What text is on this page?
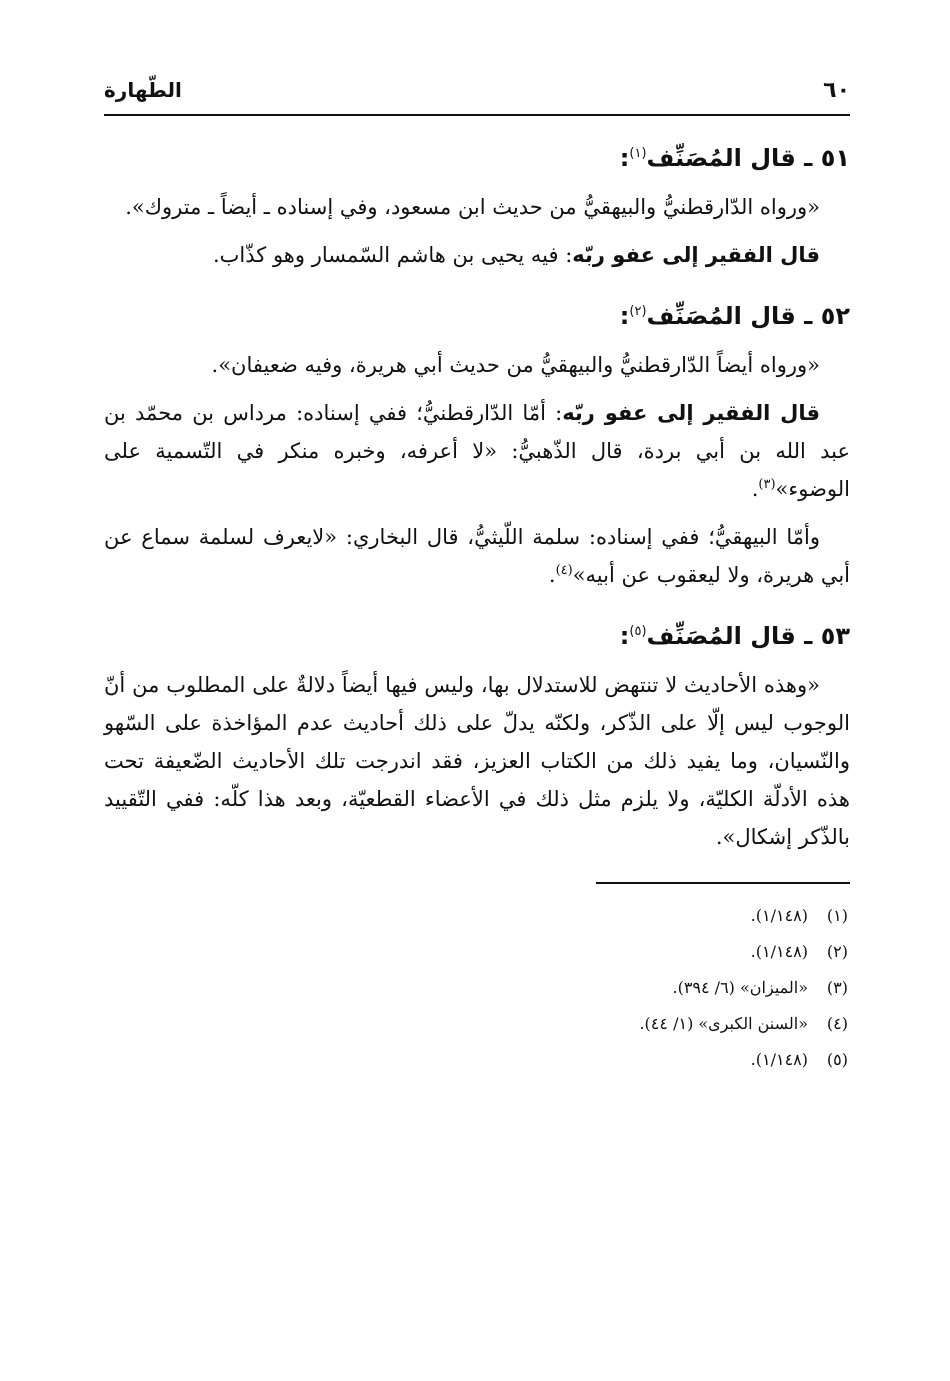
٦٠
الطّهارة
٥١ ـ قال المُصَنِّف$^{(١)}$:

«ورواه الدّارقطنيُّ والبيهقيُّ من حديث ابن مسعود، وفي إسناده ـ أيضاً ـ متروك».

قال الفقير إلى عفو ربّه: فيه يحيى بن هاشم السّمسار وهو كذّاب.

٥٢ ـ قال المُصَنِّف$^{(٢)}$:

«ورواه أيضاً الدّارقطنيُّ والبيهقيُّ من حديث أبي هريرة، وفيه ضعيفان».

قال الفقير إلى عفو ربّه: أمّا الدّارقطنيُّ؛ ففي إسناده: مرداس بن محمّد بن عبد الله بن أبي بردة، قال الذّهبيُّ: «لا أعرفه، وخبره منكر في التّسمية على الوضوء»$^{(٣)}$.

وأمّا البيهقيُّ؛ ففي إسناده: سلمة اللّيثيُّ، قال البخاري: «لايعرف لسلمة سماع عن أبي هريرة، ولا ليعقوب عن أبيه»$^{(٤)}$.

٥٣ ـ قال المُصَنِّف$^{(٥)}$:

«وهذه الأحاديث لا تنتهض للاستدلال بها، وليس فيها أيضاً دلالةٌ على المطلوب من أنّ الوجوب ليس إلّا على الذّكر، ولكنّه يدلّ على ذلك أحاديث عدم المؤاخذة على السّهو والنّسيان، وما يفيد ذلك من الكتاب العزيز، فقد اندرجت تلك الأحاديث الضّعيفة تحت هذه الأدلّة الكليّة، ولا يلزم مثل ذلك في الأعضاء القطعيّة، وبعد هذا كلّه: ففي التّقييد بالذّكر إشكال».

(١)(١/١٤٨).
(٢)(١/١٤٨).
(٣)«الميزان» (٦/ ٣٩٤).
(٤)«السنن الكبرى» (١/ ٤٤).
(٥)(١/١٤٨).
